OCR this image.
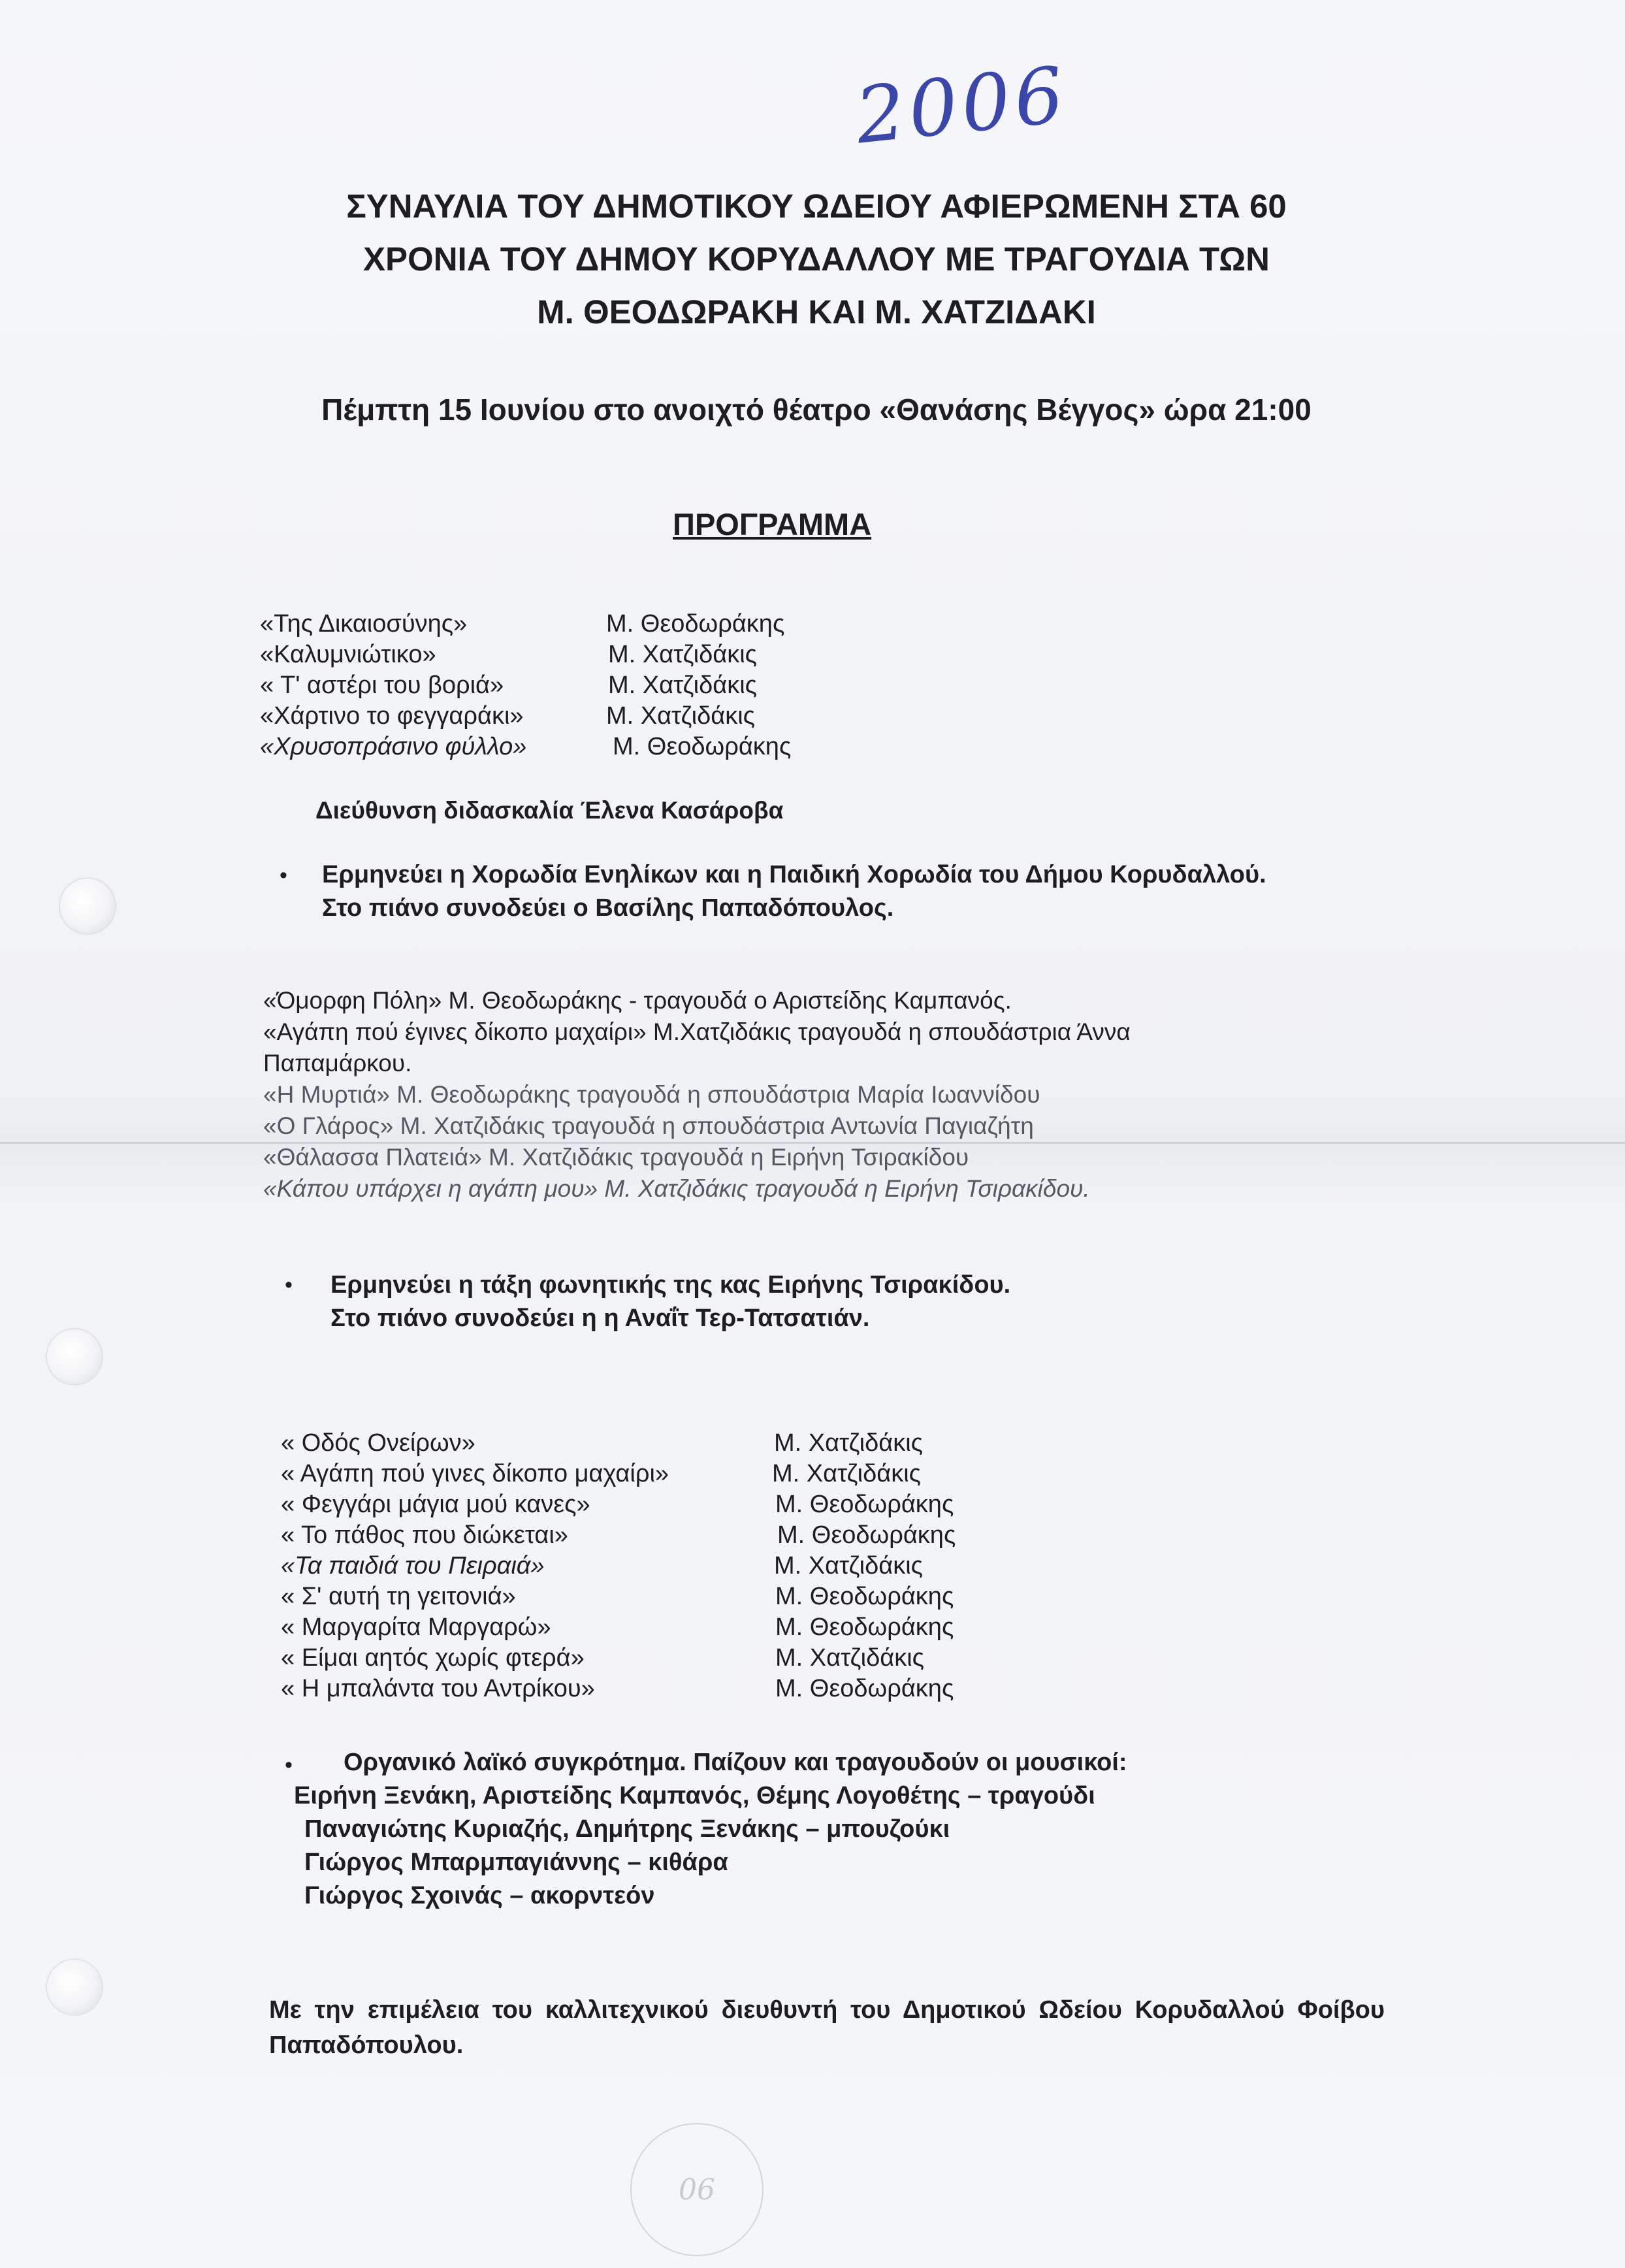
2006
ΣΥΝΑΥΛΙΑ ΤΟΥ ΔΗΜΟΤΙΚΟΥ ΩΔΕΙΟΥ ΑΦΙΕΡΩΜΕΝΗ ΣΤΑ 60
ΧΡΟΝΙΑ ΤΟΥ ΔΗΜΟΥ ΚΟΡΥΔΑΛΛΟΥ ΜΕ ΤΡΑΓΟΥΔΙΑ ΤΩΝ
Μ. ΘΕΟΔΩΡΑΚΗ ΚΑΙ Μ. ΧΑΤΖΙΔΑΚΙ
Πέμπτη 15 Ιουνίου στο ανοιχτό θέατρο «Θανάσης Βέγγος» ώρα 21:00
ΠΡΟΓΡΑΜΜΑ
«Της Δικαιοσύνης»	Μ. Θεοδωράκης
«Καλυμνιώτικο»	Μ. Χατζιδάκις
« Τ' αστέρι του βοριά»	Μ. Χατζιδάκις
«Χάρτινο το φεγγαράκι»	Μ. Χατζιδάκις
«Χρυσοπράσινο φύλλο»	Μ. Θεοδωράκης
Διεύθυνση διδασκαλία Έλενα Κασάροβα
• Ερμηνεύει η Χορωδία Ενηλίκων και η Παιδική Χορωδία του Δήμου Κορυδαλλού.
Στο πιάνο συνοδεύει ο Βασίλης Παπαδόπουλος.
«Όμορφη Πόλη» Μ. Θεοδωράκης - τραγουδά ο Αριστείδης Καμπανός.
«Αγάπη πού έγινες δίκοπο μαχαίρι» Μ.Χατζιδάκις τραγουδά η σπουδάστρια Άννα
Παπαμάρκου.
«Η Μυρτιά» Μ. Θεοδωράκης τραγουδά η σπουδάστρια Μαρία Ιωαννίδου
«Ο Γλάρος» Μ. Χατζιδάκις τραγουδά η σπουδάστρια Αντωνία Παγιαζήτη
«Θάλασσα Πλατειά» Μ. Χατζιδάκις τραγουδά η Ειρήνη Τσιρακίδου
«Κάπου υπάρχει η αγάπη μου» Μ. Χατζιδάκις τραγουδά η Ειρήνη Τσιρακίδου.
• Ερμηνεύει η τάξη φωνητικής της κας Ειρήνης Τσιρακίδου.
Στο πιάνο συνοδεύει η η Αναΐτ Τερ-Τατσατιάν.
« Οδός Ονείρων»	Μ. Χατζιδάκις
« Αγάπη πού γινες δίκοπο μαχαίρι»	Μ. Χατζιδάκις
« Φεγγάρι μάγια μού κανες»	Μ. Θεοδωράκης
« Το πάθος που διώκεται»	Μ. Θεοδωράκης
«Τα παιδιά του Πειραιά»	Μ. Χατζιδάκις
« Σ' αυτή τη γειτονιά»	Μ. Θεοδωράκης
« Μαργαρίτα Μαργαρώ»	Μ. Θεοδωράκης
« Είμαι αητός χωρίς φτερά»	Μ. Χατζιδάκις
« Η μπαλάντα του Αντρίκου»	Μ. Θεοδωράκης
•	Οργανικό λαϊκό συγκρότημα. Παίζουν και τραγουδούν οι μουσικοί:
Ειρήνη Ξενάκη, Αριστείδης Καμπανός, Θέμης Λογοθέτης – τραγούδι
Παναγιώτης Κυριαζής, Δημήτρης Ξενάκης – μπουζούκι
Γιώργος Μπαρμπαγιάννης – κιθάρα
Γιώργος Σχοινάς – ακορντεόν
Με την επιμέλεια του καλλιτεχνικού διευθυντή του Δημοτικού Ωδείου Κορυδαλλού Φοίβου Παπαδόπουλου.
06
